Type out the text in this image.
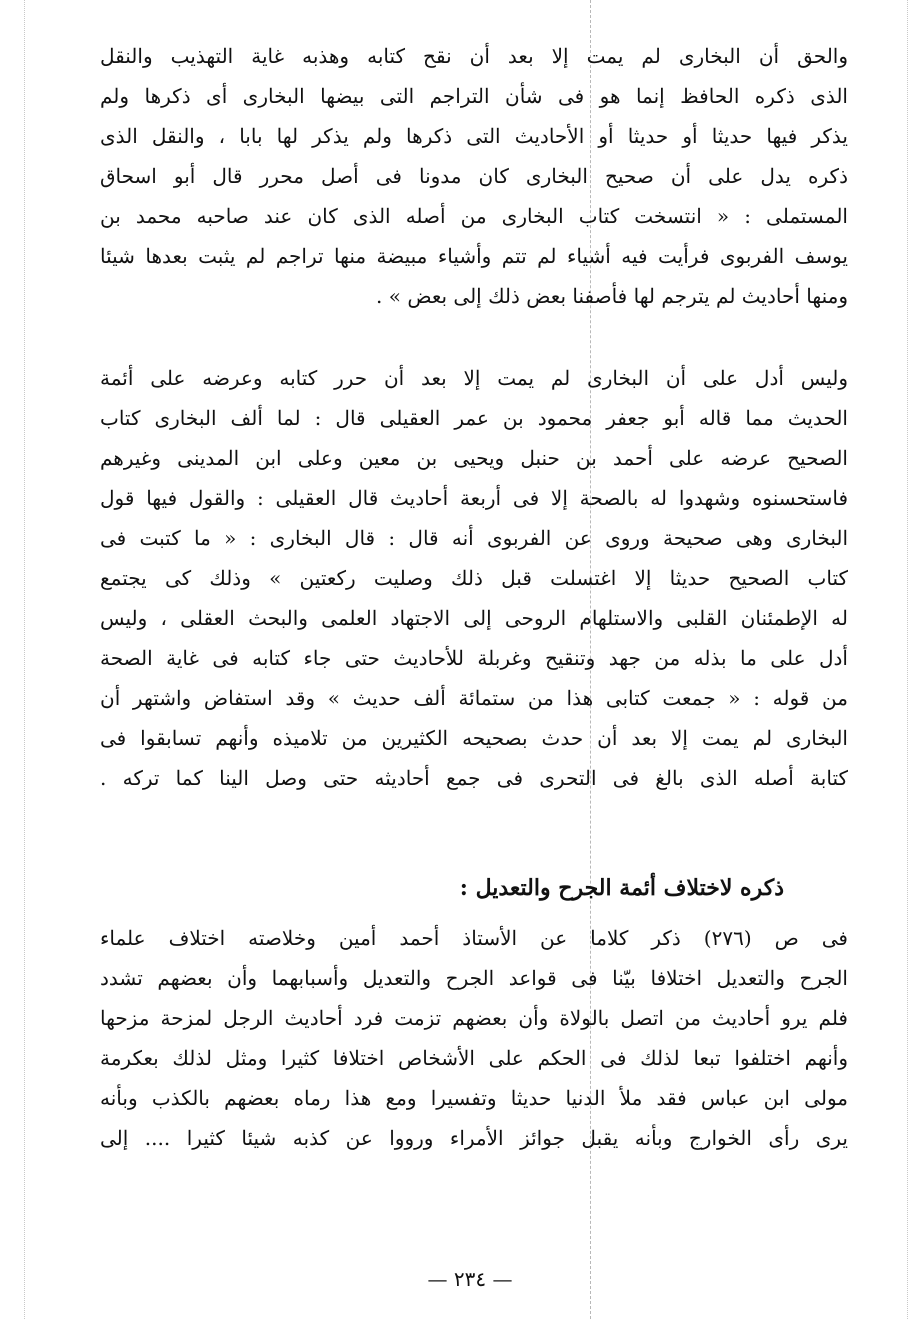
والحق أن البخارى لم يمت إلا بعد أن نقح كتابه وهذبه غاية التهذيب والنقل
الذى ذكره الحافظ إنما هو فى شأن التراجم التى بيضها البخارى أى ذكرها ولم
يذكر فيها حديثا أو حديثا أو الأحاديث التى ذكرها ولم يذكر لها بابا ، والنقل الذى
ذكره يدل على أن صحيح البخارى كان مدونا فى أصل محرر قال أبو اسحاق
المستملى : « انتسخت كتاب البخارى من أصله الذى كان عند صاحبه محمد بن
يوسف الفربوى فرأيت فيه أشياء لم تتم وأشياء مبيضة منها تراجم لم يثبت بعدها شيئا
ومنها أحاديث لم يترجم لها فأصفنا بعض ذلك إلى بعض » .
وليس أدل على أن البخارى لم يمت إلا بعد أن حرر كتابه وعرضه على أئمة
الحديث مما قاله أبو جعفر محمود بن عمر العقيلى قال : لما ألف البخارى كتاب
الصحيح عرضه على أحمد بن حنبل ويحيى بن معين وعلى ابن المدينى وغيرهم
فاستحسنوه وشهدوا له بالصحة إلا فى أربعة أحاديث قال العقيلى : والقول فيها قول
البخارى وهى صحيحة وروى عن الفربوى أنه قال : قال البخارى : « ما كتبت فى
كتاب الصحيح حديثا إلا اغتسلت قبل ذلك وصليت ركعتين » وذلك كى يجتمع
له الإطمئنان القلبى والاستلهام الروحى إلى الاجتهاد العلمى والبحث العقلى ، وليس
أدل على ما بذله من جهد وتنقيح وغربلة للأحاديث حتى جاء كتابه فى غاية الصحة
من قوله : « جمعت كتابى هذا من ستمائة ألف حديث » وقد استفاض واشتهر أن
البخارى لم يمت إلا بعد أن حدث بصحيحه الكثيرين من تلاميذه وأنهم تسابقوا فى
كتابة أصله الذى بالغ فى التحرى فى جمع أحاديثه حتى وصل الينا كما تركه .
ذكره لاختلاف أئمة الجرح والتعديل :
فى ص (٢٧٦) ذكر كلاما عن الأستاذ أحمد أمين وخلاصته اختلاف علماء
الجرح والتعديل اختلافا بيّنا فى قواعد الجرح والتعديل وأسبابهما وأن بعضهم تشدد
فلم يرو أحاديث من اتصل بالولاة وأن بعضهم تزمت فرد أحاديث الرجل لمزحة مزحها
وأنهم اختلفوا تبعا لذلك فى الحكم على الأشخاص اختلافا كثيرا ومثل لذلك بعكرمة
مولى ابن عباس فقد ملأ الدنيا حديثا وتفسيرا ومع هذا رماه بعضهم بالكذب وبأنه
يرى رأى الخوارج وبأنه يقبل جوائز الأمراء ورووا عن كذبه شيئا كثيرا .... إلى
— ٢٣٤ —
